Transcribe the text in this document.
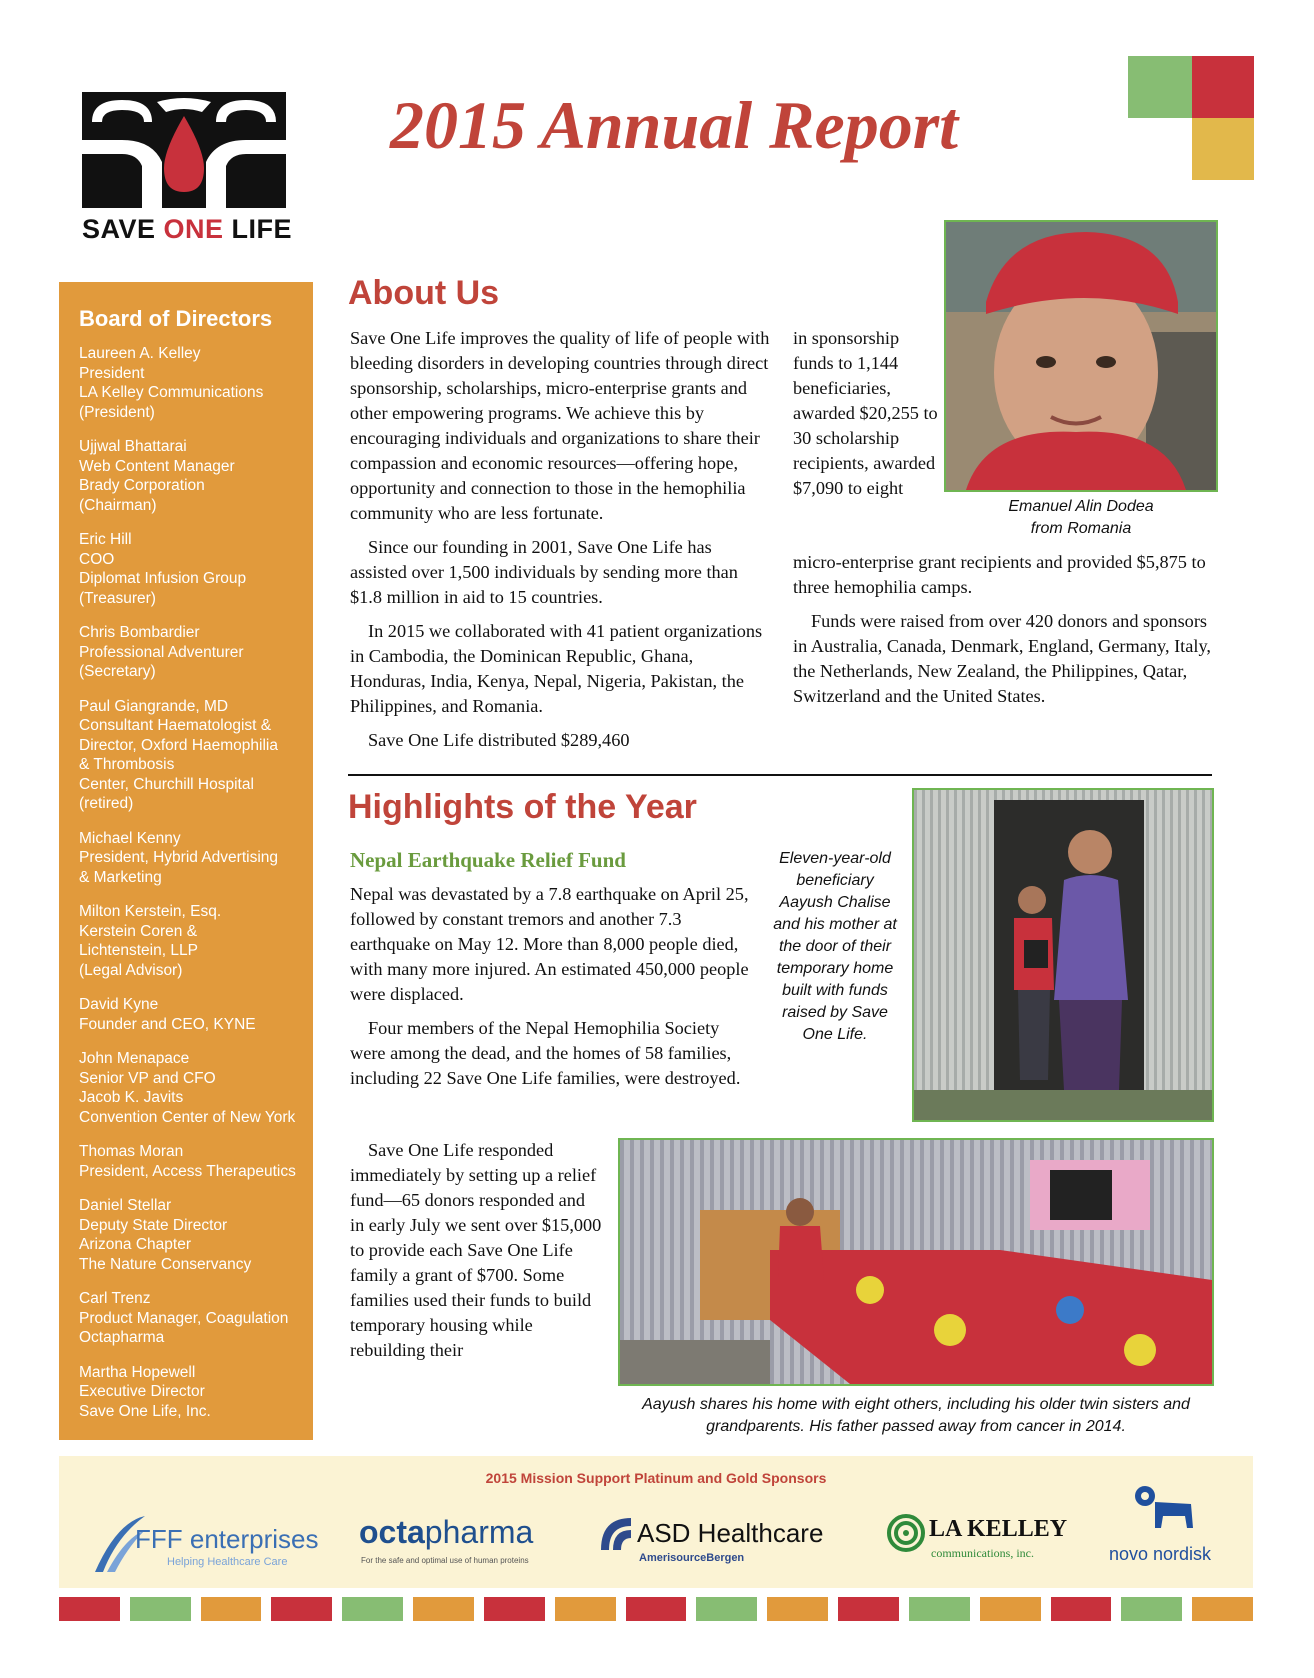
SAVE ONE LIFE
2015 Annual Report
Board of Directors
Laureen A. Kelley
President
LA Kelley Communications
(President)
Ujjwal Bhattarai
Web Content Manager
Brady Corporation
(Chairman)
Eric Hill
COO
Diplomat Infusion Group
(Treasurer)
Chris Bombardier
Professional Adventurer
(Secretary)
Paul Giangrande, MD
Consultant Haematologist &
Director, Oxford Haemophilia
& Thrombosis
Center, Churchill Hospital
(retired)
Michael Kenny
President, Hybrid Advertising
& Marketing
Milton Kerstein, Esq.
Kerstein Coren &
Lichtenstein, LLP
(Legal Advisor)
David Kyne
Founder and CEO, KYNE
John Menapace
Senior VP and CFO
Jacob K. Javits
Convention Center of New York
Thomas Moran
President, Access Therapeutics
Daniel Stellar
Deputy State Director
Arizona Chapter
The Nature Conservancy
Carl Trenz
Product Manager, Coagulation
Octapharma
Martha Hopewell
Executive Director
Save One Life, Inc.
About Us

Save One Life improves the quality of life of people with bleeding disorders in developing countries through direct sponsorship, scholarships, micro-enterprise grants and other empowering programs. We achieve this by encouraging individuals and organizations to share their compassion and economic resources—offering hope, opportunity and connection to those in the hemophilia community who are less fortunate.

Since our founding in 2001, Save One Life has assisted over 1,500 individuals by sending more than $1.8 million in aid to 15 countries.

In 2015 we collaborated with 41 patient organizations in Cambodia, the Dominican Republic, Ghana, Honduras, India, Kenya, Nepal, Nigeria, Pakistan, the Philippines, and Romania.

Save One Life distributed $289,460

in sponsorship funds to 1,144 beneficiaries, awarded $20,255 to 30 scholarship recipients, awarded $7,090 to eight

micro-enterprise grant recipients and provided $5,875 to three hemophilia camps.

Funds were raised from over 420 donors and sponsors in Australia, Canada, Denmark, England, Germany, Italy, the Netherlands, New Zealand, the Philippines, Qatar, Switzerland and the United States.

Emanuel Alin Dodea
from Romania
Highlights of the Year
Nepal Earthquake Relief Fund

Nepal was devastated by a 7.8 earthquake on April 25, followed by constant tremors and another 7.3 earthquake on May 12. More than 8,000 people died, with many more injured. An estimated 450,000 people were displaced.

Four members of the Nepal Hemophilia Society were among the dead, and the homes of 58 families, including 22 Save One Life families, were destroyed.

Save One Life responded immediately by setting up a relief fund—65 donors responded and in early July we sent over $15,000 to provide each Save One Life family a grant of $700. Some families used their funds to build temporary housing while rebuilding their

Eleven-year-old beneficiary Aayush Chalise and his mother at the door of their temporary home built with funds raised by Save One Life.
Aayush shares his home with eight others, including his older twin sisters and grandparents. His father passed away from cancer in 2014.
2015 Mission Support Platinum and Gold Sponsors
FFF enterprises
Helping Healthcare Care
octapharma
For the safe and optimal use of human proteins
ASD Healthcare
AmerisourceBergen
LA KELLEY
communications, inc.	novo nordisk
